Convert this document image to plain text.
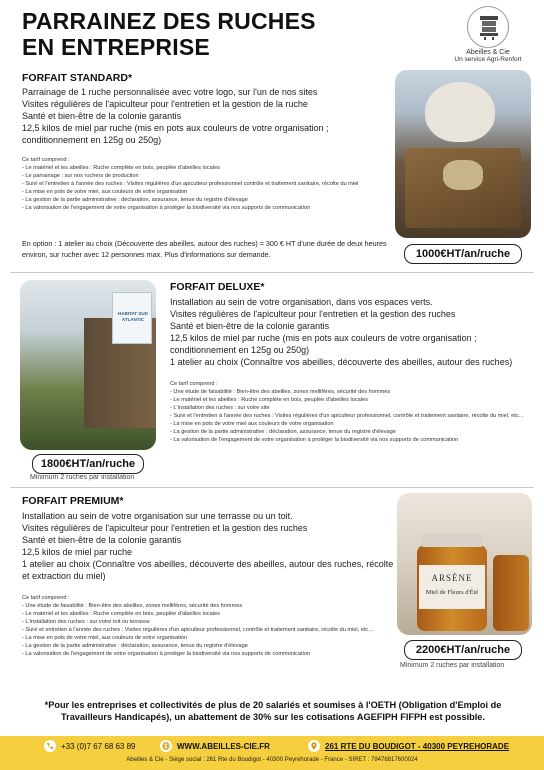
PARRAINEZ DES RUCHES
EN ENTREPRISE	Abeilles & Cie
Un service Agri-Renfort
FORFAIT STANDARD*
Parrainage de 1 ruche personnalisée avec votre logo, sur l'un de nos sites
Visites régulières de l'apiculteur pour l'entretien et la gestion de la ruche
Santé et bien-être de la colonie garantis
12,5 kilos de miel par ruche (mis en pots aux couleurs de votre organisation ;
conditionnement en 125g ou 250g)
Ce tarif comprend :
- Le matériel et les abeilles : Ruche complète en bois, peuplée d'abeilles locales
- Le parrainage : sur nos ruchers de production
- Suivi et l'entretien à l'année des ruches : Visites régulières d'un apiculteur professionnel contrôle et traitement sanitaire, récolte du miel
- La mise en pots de votre miel, aux couleurs de votre organisation
- La gestion de la partie administrative : déclaration, assurance, tenue du registre d'élevage
- La valorisation de l'engagement de votre organisation à protéger la biodiversité via nos supports de communication
En option : 1 atelier au choix (Découverte des abeilles, autour des ruches) = 300 € HT d'une durée de deux heures environ, sur rucher avec 12 personnes max. Plus d'informations sur demande.	1000€HT/an/ruche
HABITAT SUD ATLANTIC
1800€HT/an/ruche
Minimum 2 ruches par installation
FORFAIT DELUXE*
Installation au sein de votre organisation, dans vos espaces verts.
Visites régulières de l'apiculteur pour l'entretien et la gestion des ruches
Santé et bien-être de la colonie garantis
12,5 kilos de miel par ruche (mis en pots aux couleurs de votre organisation ; conditionnement en 125g ou 250g)
1 atelier au choix (Connaître vos abeilles, découverte des abeilles, autour des ruches)
Ce tarif comprend :
- Une étude de faisabilité : Bien-être des abeilles, zones mellifères, sécurité des hommes
- Le matériel et les abeilles : Ruche complète en bois, peuplée d'abeilles locales
- L'installation des ruches : sur votre site
- Suivi et l'entretien à l'année des ruches : Visites régulières d'un apiculteur professionnel, contrôle et traitement sanitaire, récolte du miel, etc…
- La mise en pots de votre miel aux couleurs de votre organisation
- La gestion de la partie administrative : déclaration, assurance, tenue du registre d'élevage
- La valorisation de l'engagement de votre organisation à protéger la biodiversité via nos supports de communication
FORFAIT PREMIUM*
Installation au sein de votre organisation sur une terrasse ou un toit.
Visites régulières de l'apiculteur pour l'entretien et la gestion des ruches
Santé et bien-être de la colonie garantis
12,5 kilos de miel par ruche
1 atelier au choix (Connaître vos abeilles, découverte des abeilles, autour des ruches, récolte et extraction du miel)
Ce tarif comprend :
- Une étude de faisabilité : Bien-être des abeilles, zones mellifères, sécurité des hommes
- Le matériel et les abeilles : Ruche complète en bois, peuplée d'abeilles locales
- L'installation des ruches : sur votre toit ou terrasse
- Suivi et entretien à l'année des ruches : Visites régulières d'un apiculteur professionnel, contrôle et traitement sanitaire, récolte du miel, etc…
- La mise en pots de votre miel, aux couleurs de votre organisation
- La gestion de la partie administrative : déclaration, assurance, tenue du registre d'élevage
- La valorisation de l'engagement de votre organisation à protéger la biodiversité via nos supports de communication
ARSÈNE
Miel de Fleurs d'Été
2200€HT/an/ruche
Minimum 2 ruches par installation
*Pour les entreprises et collectivités de plus de 20 salariés et soumises à l'OETH (Obligation d'Emploi de Travailleurs Handicapés), un abattement de 30% sur les cotisations AGEFIPH FIFPH est possible.
+33 (0)7 67 68 63 89	WWW.ABEILLES-CIE.FR	261 RTE DU BOUDIGOT - 40300 PEYREHORADE
Abeilles & Cie - Siège social : 261 Rte du Boudigot - 40300 Peyrehorade - France - SIRET : 79476817600024
